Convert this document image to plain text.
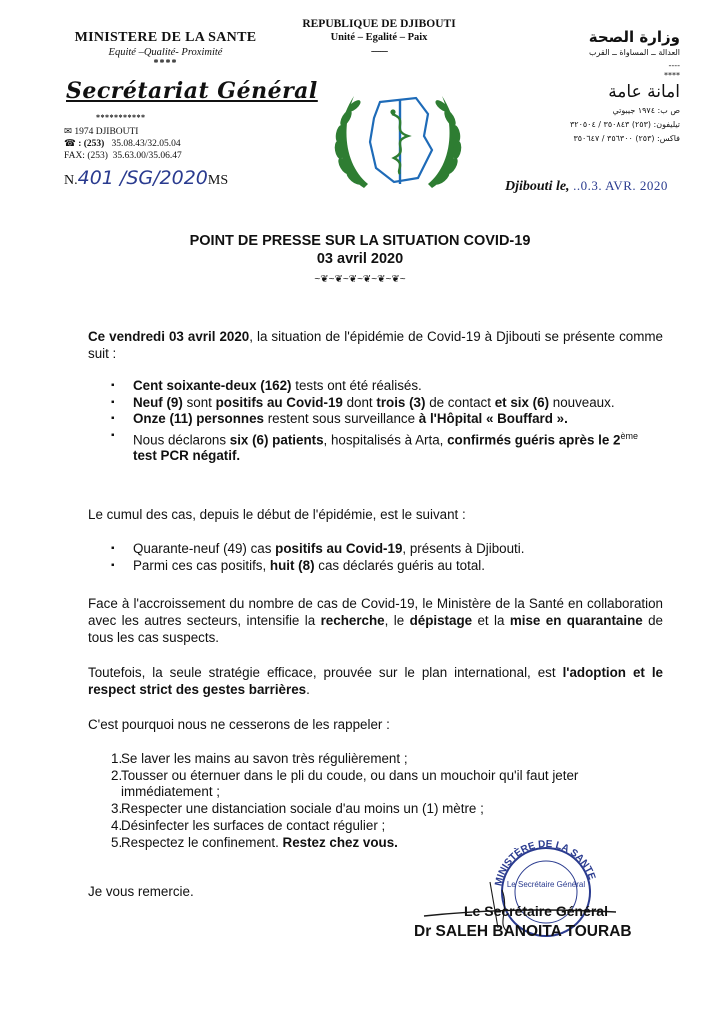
MINISTERE DE LA SANTE
Equité –Qualité- Proximité
****
Secrétariat Général
***********
✉ 1974 DJIBOUTI
☎ : (253) 35.08.43/32.05.04
FAX: (253) 35.63.00/35.06.47
N.401 /SG/2020MS
REPUBLIQUE DE DJIBOUTI
Unité – Egalité – Paix
-------
وزارة الصحة
العدالة ــ المساواة ــ القرب
----
****
امانة عامة
ص ب: ١٩٧٤ جيبوتي
تيليفون: (٢٥٣) ٣٥٠٨٤٣ / ٣٢٠٥٠٤
فاكس: (٢٥٣) ٣٥٦٣٠٠ / ٣٥٠٦٤٧
Djibouti le, ..0.3. AVR. 2020
POINT DE PRESSE SUR LA SITUATION COVID-19
03 avril 2020
~❦~❦~❦~❦~❦~❦~

Ce vendredi 03 avril 2020, la situation de l'épidémie de Covid-19 à Djibouti se présente comme suit :

▪ Cent soixante-deux (162) tests ont été réalisés.
▪ Neuf (9) sont positifs au Covid-19 dont trois (3) de contact et six (6) nouveaux.
▪ Onze (11) personnes restent sous surveillance à l'Hôpital « Bouffard ».
▪ Nous déclarons six (6) patients, hospitalisés à Arta, confirmés guéris après le 2ème test PCR négatif.

Le cumul des cas, depuis le début de l'épidémie, est le suivant :

▪ Quarante-neuf (49) cas positifs au Covid-19, présents à Djibouti.
▪ Parmi ces cas positifs, huit (8) cas déclarés guéris au total.

Face à l'accroissement du nombre de cas de Covid-19, le Ministère de la Santé en collaboration avec les autres secteurs, intensifie la recherche, le dépistage et la mise en quarantaine de tous les cas suspects.

Toutefois, la seule stratégie efficace, prouvée sur le plan international, est l'adoption et le respect strict des gestes barrières.

C'est pourquoi nous ne cesserons de les rappeler :

1.
Se laver les mains au savon très régulièrement ;
2.
Tousser ou éternuer dans le pli du coude, ou dans un mouchoir qu'il faut jeter immédiatement ;
3.
Respecter une distanciation sociale d'au moins un (1) mètre ;
4.
Désinfecter les surfaces de contact régulier ;
5.
Respectez le confinement. Restez chez vous.
Je vous remercie.
MINISTÈRE DE LA SANTE
Le Secrétaire Général
Le Secrétaire Général
Dr SALEH BANOITA TOURAB
